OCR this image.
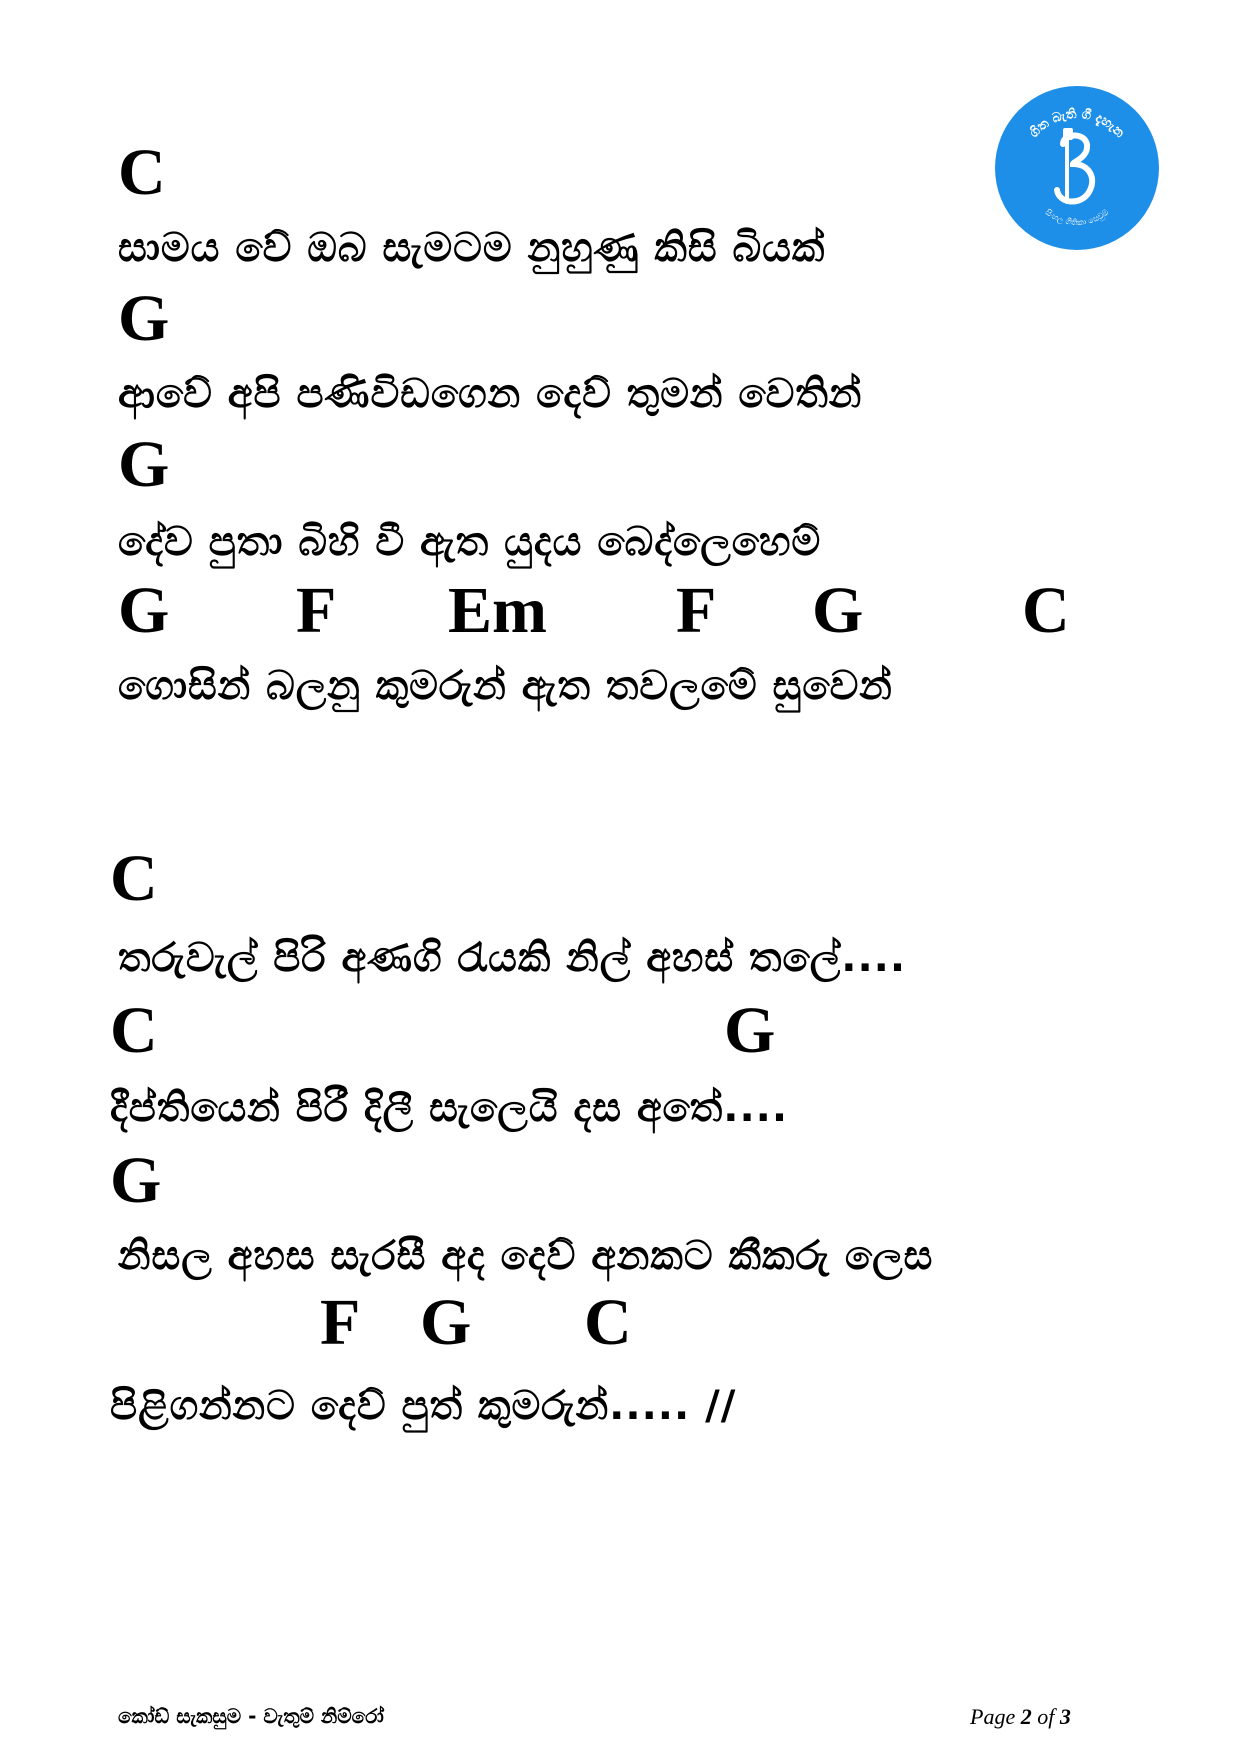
ගිත බැති ගී දැහැන
සිංහල ගීතිකා සෙවුම්
C
සාමය වේ ඔබ සැමටම නුහුණු කිසි බියක්
G
ආවේ අපි පණිවිඩගෙන දෙව් තුමන් වෙතින්
G
දේව පුතා බිහි වී ඇත යුදය බෙද්ලෙහෙම්
G F Em F G C
ගොසින් බලනු කුමරුන් ඇත තවලමේ සුවෙන්
C
තරුවැල් පිරි අණගි රැයකි නිල් අහස් තලේ....
C	G
දීප්තියෙන් පිරී දිලී සැලෙයි දස අතේ....
G
නිසල අහස සැරසී අද දෙව් අනකට කීකරු ලෙස
F G C
පිළිගන්නට දෙව් පුත් කුමරුන්..... //
කෝඩ් සැකසුම - වැතුම් නිම්රෝ	Page 2 of 3
